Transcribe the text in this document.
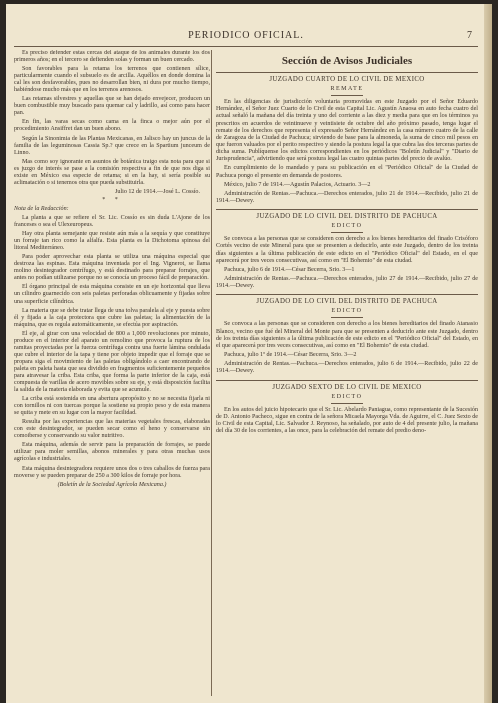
PERIODICO OFICIAL.	7

Es preciso defender estas cercas del ataque de los animales durante los dos primeros años; en el tercero se defienden solas y forman un buen cercado.

Son favorables para la retama los terrenos que contienen sílice, particularmente cuando el subsuelo es de arcilla. Aquéllos en donde domina la cal les son desfavorables, pues no desarrollan bien, ni dura por mucho tiempo, habiéndose mucho más que en los terrenos arenosos.

Las retamas silvestres y aquellas que se han dejado envejecer, producen un buen combustible muy buscado para quemar cal y ladrillo, así como para hacer pan.

En fin, las varas secas como cama en la finca o mejor aún por el procedimiento Ansiffret dan un buen abono.

Según la Sinonimia de las Plantas Mexicanas, en Jalisco hay un juncus de la familia de las leguminosas Cassia Sp.? que crece en la Spartium junceum de Linno.

Mas como soy ignorante en asuntos de botánica traigo esta nota para que si es juzgo de interés se pase a la comisión respectiva a fin de que nos diga si existe en México esa especie de retama; si en la hay, si sería posible su aclimatación o si tenemos otra que pueda substituirla.

Julio 12 de 1914.—José L. Cossío.

* *

Nota de la Redacción:

La planta a que se refiere el Sr. Lic. Cossío es sin duda L'Ajone de los franceses o sea el Ulexeuropeus.

Hay otra planta semejante que resiste aún más a la sequía y que constituye un forraje tan rico como la alfalfa. Esta planta es la Dichotoma spinosa del litoral Mediterráneo.

Para poder aprovechar esta planta se utiliza una máquina especial que destroza las espinas. Esta máquina inventada por el Ing. Vignerot, se llama molino desintegrador centrífugo, y está destinado para preparar forrajes, que antes no podían utilizarse porque no se conocía un proceso fácil de preparación.

El órgano principal de esta máquina consiste en un eje horizontal que lleva un cilindro guarnecido con seis paletas perforadas oblicuamente y fijadas sobre una superficie cilíndrica.

La materia que se debe tratar llega de una tolva paralela al eje y puesta sobre él y fijada a la caja protectora que cubre las paletas; la alimentación de la máquina, que es regula automáticamente, se efectúa por aspiración.

El eje, al girar con una velocidad de 800 a 1,000 revoluciones por minuto, produce en el interior del aparato un remolino que provoca la ruptura de los ramitas proyectadas por la fuerza centrífuga contra una fuerte lámina ondulada que cubre el interior de la tapa y tiene por objeto impedir que el forraje que se propara siga el movimiento de las paletas obligándolo a caer encontrando de paleta en paleta hasta que sea dividido en fragmentos suficientemente pequeños para atravesar la criba. Esta criba, que forma la parte inferior de la caja, está compuesta de varillas de acero movibles sobre su eje, y está disposición facilita la salida de la materia elaborada y evita que se acumule.

La criba está sostenida en una abertura apropósito y no se necesita fijarla ni con tornillos ni con tuercas porque la sostiene su propio peso y de esta manera se quita y mete en su lugar con la mayor facilidad.

Resulta por las experiencias que las materias vegetales frescas, elaboradas con este desintegrador, se pueden secar como el heno y conservarse sin comoiberse y conservando su valor nutritivo.

Esta máquina, además de servir para la preparación de forrajes, se puede utilizar para moler semillas, abonos minerales y para otras muchas usos agrícolas e industriales.

Esta máquina desintegradora requiere unos dos o tres caballos de fuerza para moverse y se pueden preparar de 250 a 300 kilos de forraje por hora.

(Boletín de la Sociedad Agrícola Mexicana.)

Sección de Avisos Judiciales
JUZGADO CUARTO DE LO CIVIL DE MEXICO
REMATE

En las diligencias de jurisdicción voluntaria promovidas en este Juzgado por el Señor Eduardo Hernández, el Señor Juez Cuarto de lo Civil de esta Capital Lic. Agustín Anaosa en auto fecha cuatro del actual señaló la mañana del día treinta y uno del corriente a las diez y media para que en los términos ya prescritos en acuerdos de veintinueve y veintisiete de octubre del año próximo pasado, tenga lugar el remate de los derechos que representa el expresado Señor Hernández en la casa número cuatro de la calle de Zaragoza de la Ciudad de Pachuca; sirviendo de base para la almoneda, la suma de cinco mil pesos en que fueron valuados por el perito respectivo y siendo la postura legal la que cubra las dos terceras partes de dicha suma. Publíquense los edictos correspondientes en los periódicos "Boletín Judicial" y "Diario de Jurisprudencia", advirtiendo que será postura legal las cuatro quintas partes del precio de avalúo.

En cumplimiento de lo mandado y para su publicación en el "Periódico Oficial" de la Ciudad de Pachuca pongo el presente en demanda de postores.

México, julio 7 de 1914.—Agustín Palacios, Actuario. 3—2

Administración de Rentas.—Pachuca.—Derechos enterados, julio 21 de 1914.—Recibido, julio 21 de 1914.—Dewey.

JUZGADO DE LO CIVIL DEL DISTRITO DE PACHUCA
EDICTO

Se convoca a las personas que se consideren con derecho a los bienes hereditarios del finado Crisóforo Cortés vecino de este Mineral para que se presenten a deducirlo, ante este Juzgado, dentro de los treinta días siguientes a la última publicación de este edicto en el "Periódico Oficial" del Estado, en el que aparecerá por tres veces consecutivas, así como en "El Bohemio" de esta ciudad.

Pachuca, julio 6 de 1914.—César Becerra, Srio. 3—1

Administración de Rentas.—Pachuca.—Derechos enterados, julio 27 de 1914.—Recibido, julio 27 de 1914.—Dewey.

JUZGADO DE LO CIVIL DEL DISTRITO DE PACHUCA
EDICTO

Se convoca a las personas que se consideren con derecho a los bienes hereditarios del finado Atanasio Blanco, vecino que fué del Mineral del Monte para que se presenten a deducirlo ante este Juzgado, dentro de los treinta días siguientes a la última publicación de este edicto en el "Periódico Oficial" del Estado, en el que aparecerá por tres veces consecutivas, así como en "El Bohemio" de esta ciudad.

Pachuca, julio 1º de 1914.—César Becerra, Srio. 3—2

Administración de Rentas.—Pachuca.—Derechos enterados, julio 6 de 1914.—Recibido, julio 22 de 1914.—Dewey.

JUZGADO SEXTO DE LO CIVIL DE MEXICO
EDICTO

En los autos del juicio hipotecario que el Sr. Lic. Abelardo Paniagua, como representante de la Sucesión de D. Antonio Pacheco, sigue en contra de la señora Micaela Mayorga Vda. de Aguirre, el C. Juez Sexto de lo Civil de esta Capital, Lic. Salvador J. Reynoso, ha señalado, por auto de 4 del presente julio, la mañana del día 30 de los corrientes, a las once, para la celebración del remate del predio deno-
